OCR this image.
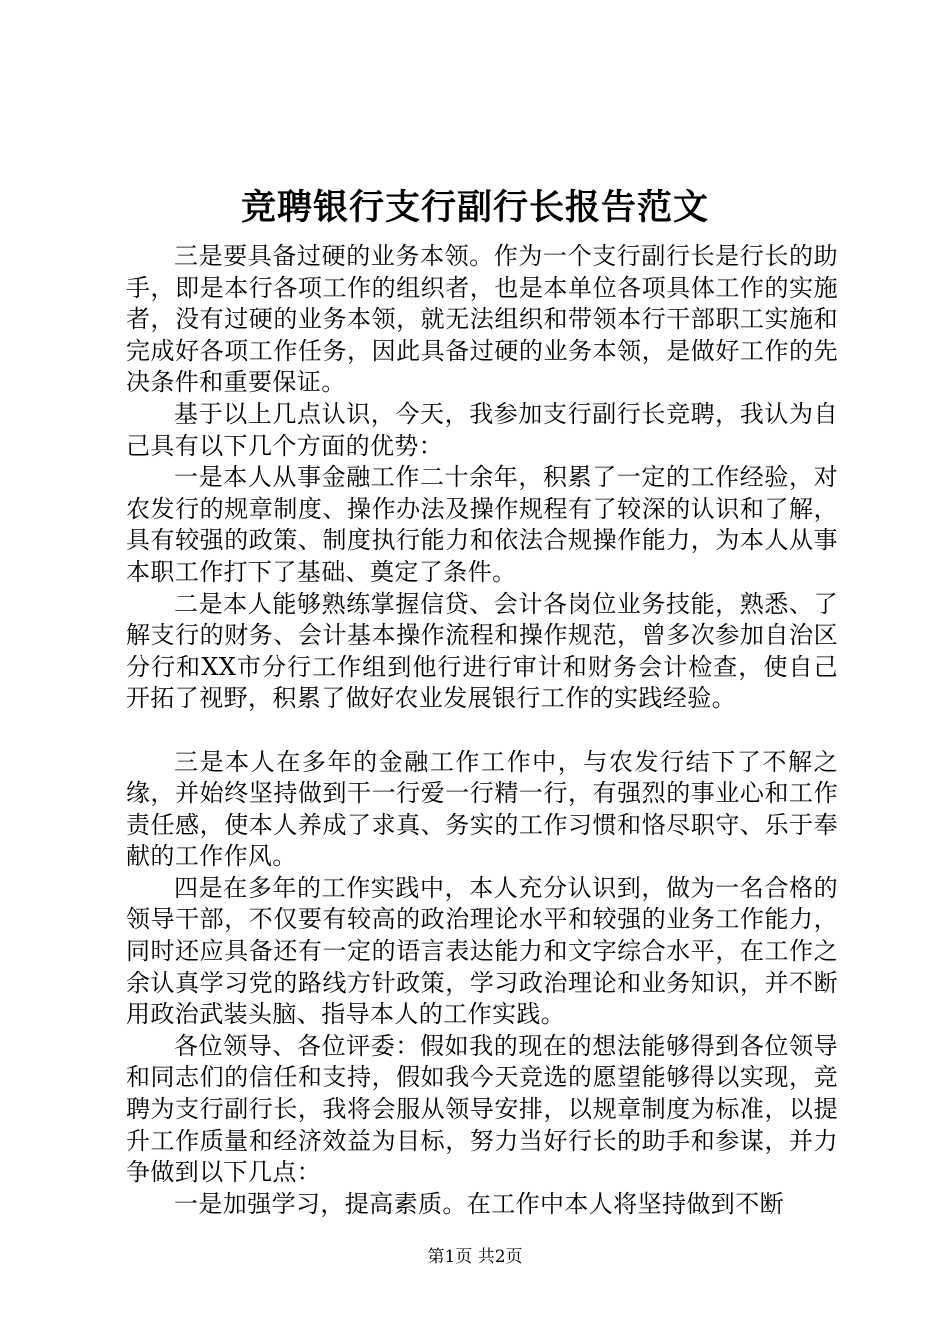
竞聘银行支行副行长报告范文

三是要具备过硬的业务本领。作为一个支行副行长是行长的助手，即是本行各项工作的组织者，也是本单位各项具体工作的实施者，没有过硬的业务本领，就无法组织和带领本行干部职工实施和完成好各项工作任务，因此具备过硬的业务本领，是做好工作的先决条件和重要保证。

基于以上几点认识，今天，我参加支行副行长竞聘，我认为自己具有以下几个方面的优势：

一是本人从事金融工作二十余年，积累了一定的工作经验，对农发行的规章制度、操作办法及操作规程有了较深的认识和了解，具有较强的政策、制度执行能力和依法合规操作能力，为本人从事本职工作打下了基础、奠定了条件。

二是本人能够熟练掌握信贷、会计各岗位业务技能，熟悉、了解支行的财务、会计基本操作流程和操作规范，曾多次参加自治区分行和XX市分行工作组到他行进行审计和财务会计检查，使自己开拓了视野，积累了做好农业发展银行工作的实践经验。

三是本人在多年的金融工作工作中，与农发行结下了不解之缘，并始终坚持做到干一行爱一行精一行，有强烈的事业心和工作责任感，使本人养成了求真、务实的工作习惯和恪尽职守、乐于奉献的工作作风。

四是在多年的工作实践中，本人充分认识到，做为一名合格的领导干部，不仅要有较高的政治理论水平和较强的业务工作能力，同时还应具备还有一定的语言表达能力和文字综合水平，在工作之余认真学习党的路线方针政策，学习政治理论和业务知识，并不断用政治武装头脑、指导本人的工作实践。

各位领导、各位评委：假如我的现在的想法能够得到各位领导和同志们的信任和支持，假如我今天竞选的愿望能够得以实现，竞聘为支行副行长，我将会服从领导安排，以规章制度为标准，以提升工作质量和经济效益为目标，努力当好行长的助手和参谋，并力争做到以下几点：

一是加强学习，提高素质。在工作中本人将坚持做到不断

第1页 共2页
